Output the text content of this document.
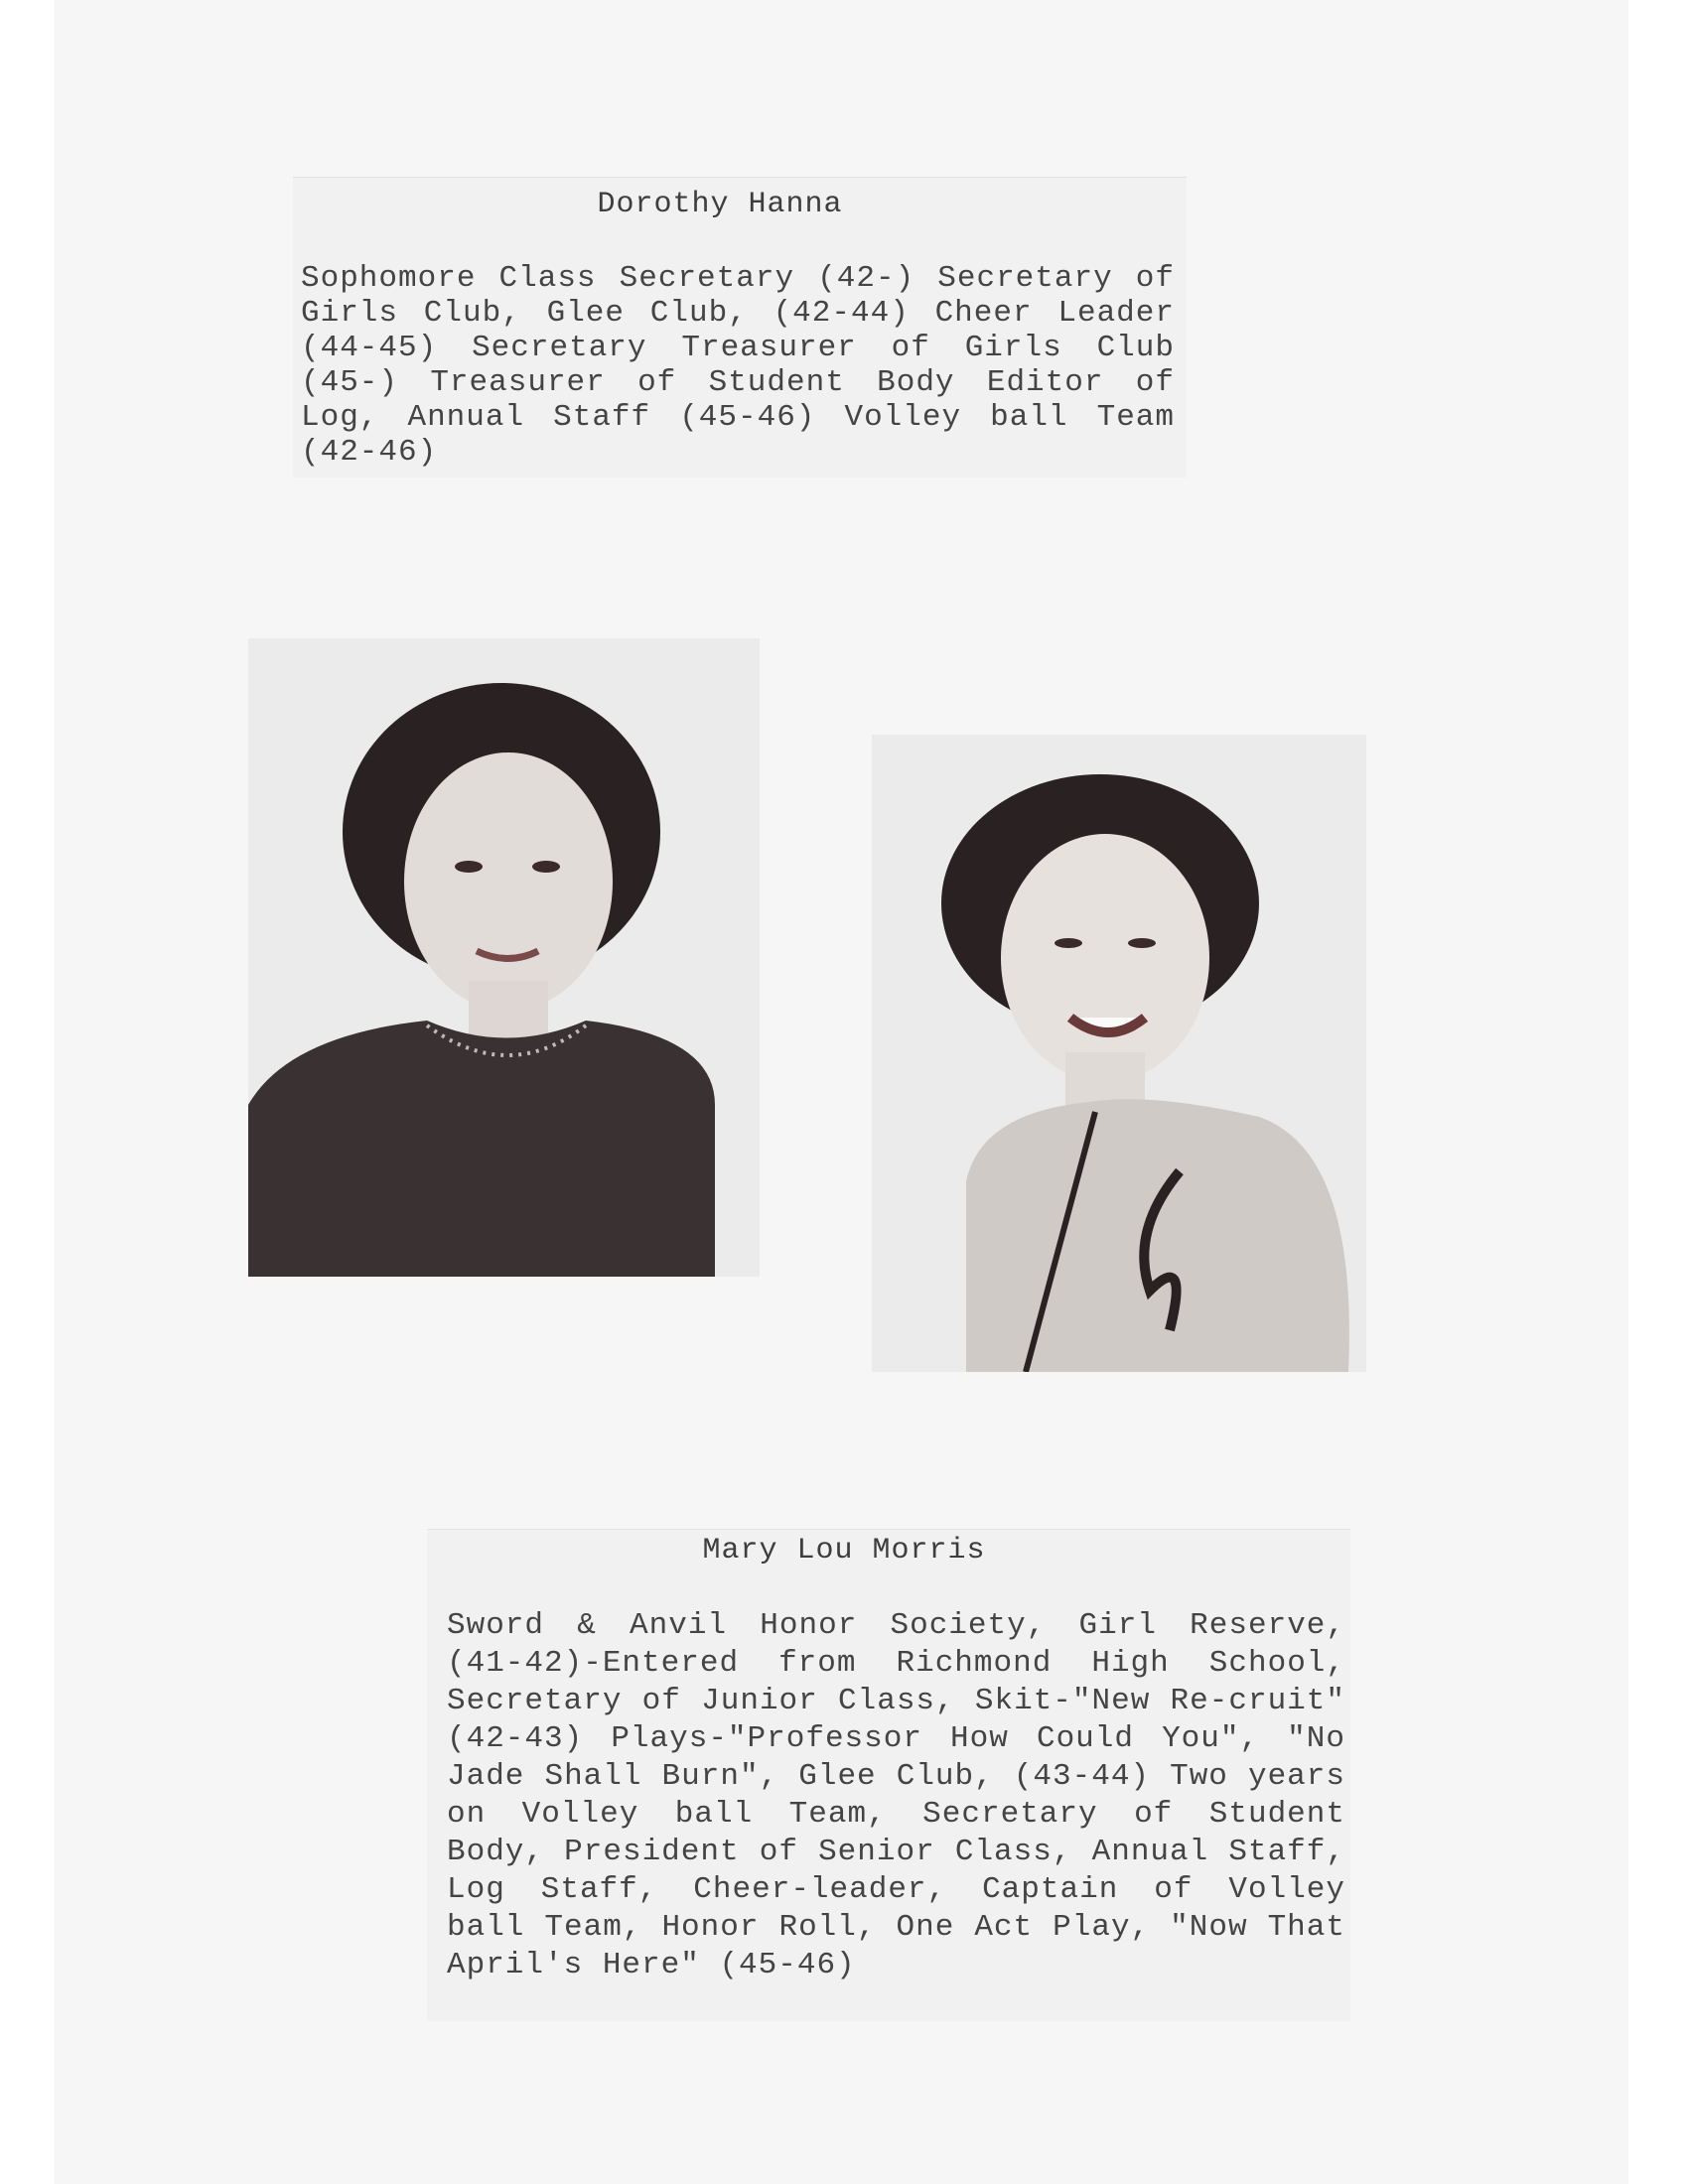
Dorothy Hanna
Sophomore Class Secretary (42-) Secretary of Girls Club, Glee Club, (42-44) Cheer Leader (44-45) Secretary Treasurer of Girls Club (45-) Treasurer of Student Body Editor of Log, Annual Staff (45-46) Volley ball Team (42-46)
Mary Lou Morris
Sword & Anvil Honor Society, Girl Reserve, (41-42)-Entered from Richmond High School, Secretary of Junior Class, Skit-"New Re-cruit" (42-43) Plays-"Professor How Could You", "No Jade Shall Burn", Glee Club, (43-44) Two years on Volley ball Team, Secretary of Student Body, President of Senior Class, Annual Staff, Log Staff, Cheer-leader, Captain of Volley ball Team, Honor Roll, One Act Play, "Now That April's Here" (45-46)
